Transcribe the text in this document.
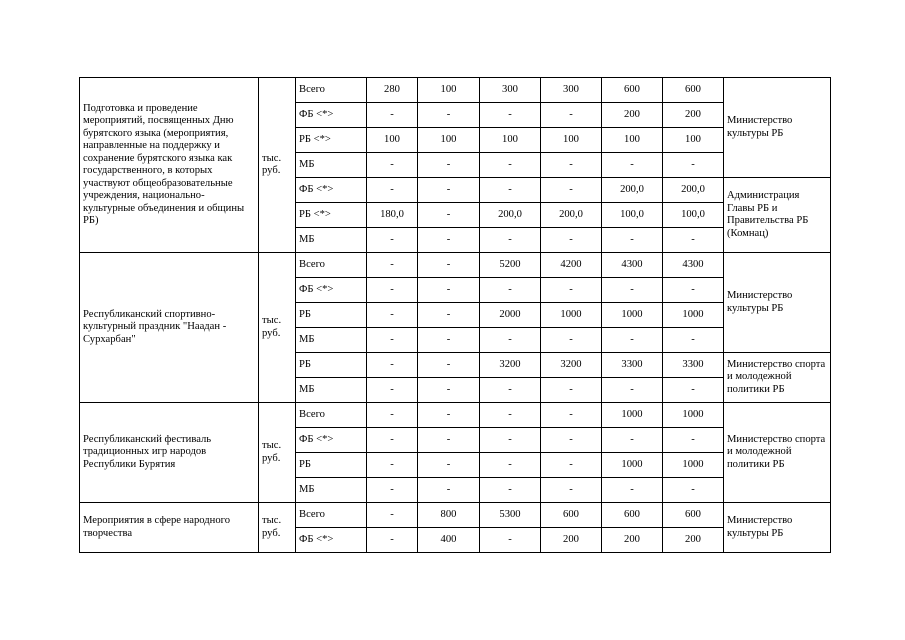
Подготовка и проведение мероприятий, посвященных Дню бурятского языка (мероприятия, направленные на поддержку и сохранение бурятского языка как государственного, в которых участвуют общеобразовательные учреждения, национально-культурные объединения и общины РБ)	тыс. руб.	Всего	280	100	300	300	600	600	Министерство культуры РБ
		ФБ <*>	-	-	-	-	200	200	
		РБ <*>	100	100	100	100	100	100	
		МБ	-	-	-	-	-	-	
		ФБ <*>	-	-	-	-	200,0	200,0	Администрация Главы РБ и Правительства РБ (Комнац)
		РБ <*>	180,0	-	200,0	200,0	100,0	100,0	
		МБ	-	-	-	-	-	-	
Республиканский спортивно-культурный праздник "Наадан - Сурхарбан"	тыс. руб.	Всего	-	-	5200	4200	4300	4300	Министерство культуры РБ
		ФБ <*>	-	-	-	-	-	-	
		РБ	-	-	2000	1000	1000	1000	
		МБ	-	-	-	-	-	-	
		РБ	-	-	3200	3200	3300	3300	Министерство спорта и молодежной политики РБ
		МБ	-	-	-	-	-	-	
Республиканский фестиваль традиционных игр народов Республики Бурятия	тыс. руб.	Всего	-	-	-	-	1000	1000	Министерство спорта и молодежной политики РБ
		ФБ <*>	-	-	-	-	-	-	
		РБ	-	-	-	-	1000	1000	
		МБ	-	-	-	-	-	-	
Мероприятия в сфере народного творчества	тыс. руб.	Всего	-	800	5300	600	600	600	Министерство культуры РБ
		ФБ <*>	-	400	-	200	200	200	
